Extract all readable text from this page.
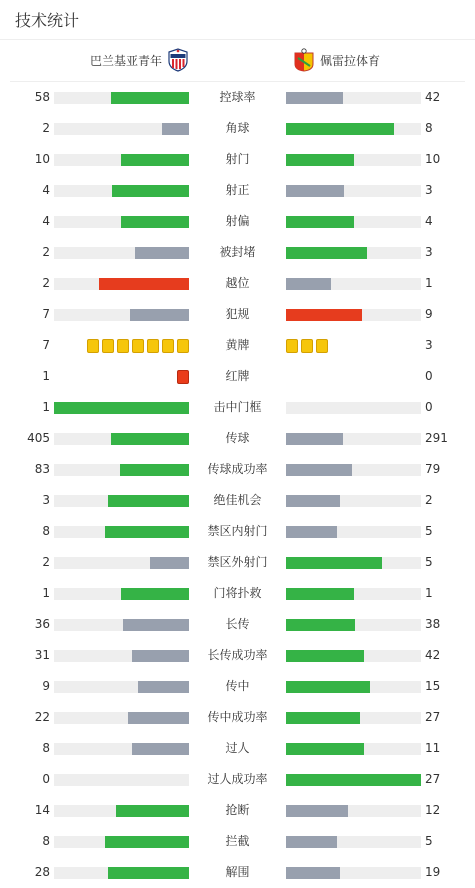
技术统计
巴兰基亚青年	佩雷拉体育
58	控球率	42
2	角球	8
10	射门	10
4	射正	3
4	射偏	4
2	被封堵	3
2	越位	1
7	犯规	9
7	黄牌	3
1	红牌	0
1	击中门框	0
405	传球	291
83	传球成功率	79
3	绝佳机会	2
8	禁区内射门	5
2	禁区外射门	5
1	门将扑救	1
36	长传	38
31	长传成功率	42
9	传中	15
22	传中成功率	27
8	过人	11
0	过人成功率	27
14	抢断	12
8	拦截	5
28	解围	19
